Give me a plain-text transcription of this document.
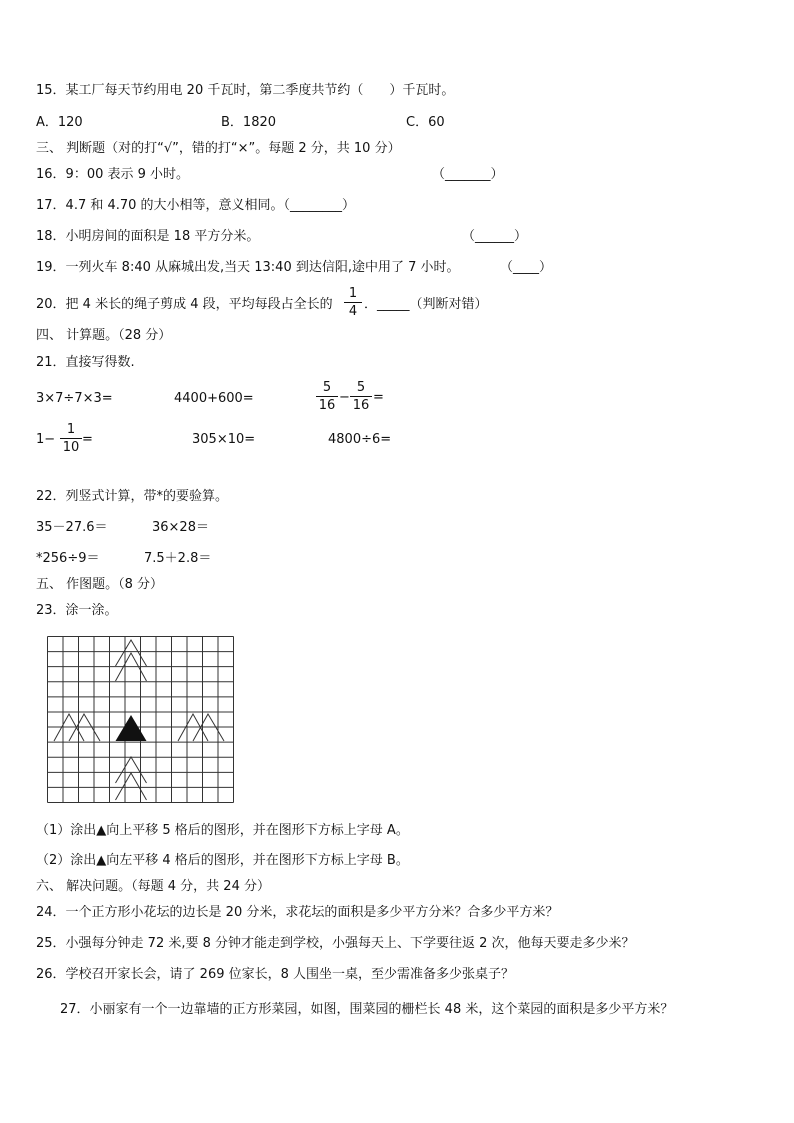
15．某工厂每天节约用电 20 千瓦时，第二季度共节约（　　）千瓦时。
A．120	B．1820	C．60
三、 判断题（对的打“√”，错的打“×”。每题 2 分，共 10 分）
16．9：00 表示 9 小时。	（_______）
17．4.7 和 4.70 的大小相等，意义相同。（________）
18．小明房间的面积是 18 平方分米。	（______）
19．一列火车 8:40 从麻城出发,当天 13:40 到达信阳,途中用了 7 小时。	（____）
20．把 4 米长的绳子剪成 4 段，平均每段占全长的
1
4 ．_____（判断对错）
四、 计算题。（28 分）
21．直接写得数.
3×7÷7×3=	4400+600=
5
16
−
5
16
=
1−
1
10
=	305×10=	4800÷6=
22．列竖式计算，带*的要验算。
35－27.6＝	36×28＝
*256÷9＝	7.5＋2.8＝
五、 作图题。（8 分）
23．涂一涂。
（1）涂出▲向上平移 5 格后的图形，并在图形下方标上字母 A。
（2）涂出▲向左平移 4 格后的图形，并在图形下方标上字母 B。
六、 解决问题。（每题 4 分，共 24 分）
24．一个正方形小花坛的边长是 20 分米，求花坛的面积是多少平方分米？合多少平方米？
25．小强每分钟走 72 米,要 8 分钟才能走到学校，小强每天上、下学要往返 2 次，他每天要走多少米？
26．学校召开家长会，请了 269 位家长，8 人围坐一桌，至少需准备多少张桌子？
27．小丽家有一个一边靠墙的正方形菜园，如图，围菜园的栅栏长 48 米，这个菜园的面积是多少平方米？
